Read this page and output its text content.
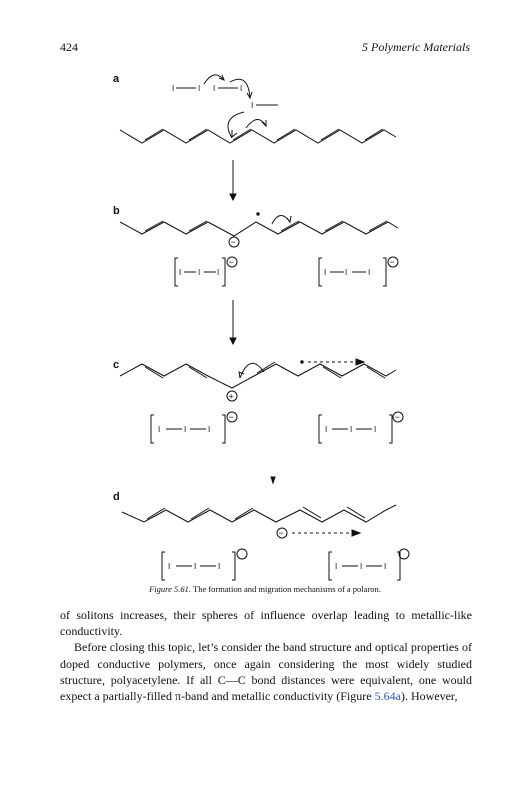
424	5 Polymeric Materials
a
b
c
d
I	I I	I
I
−
I I I
−
I I	I
−
+
I	I	I
−
I	I	I
−
−
I	I	I	I	I	I
Figure 5.61. The formation and migration mechanisms of a polaron.

of solitons increases, their spheres of influence overlap leading to metallic-like conductivity.

Before closing this topic, let’s consider the band structure and optical properties of doped conductive polymers, once again considering the most widely studied structure, polyacetylene. If all C—C bond distances were equivalent, one would expect a partially-filled π-band and metallic conductivity (Figure 5.64a). However,
